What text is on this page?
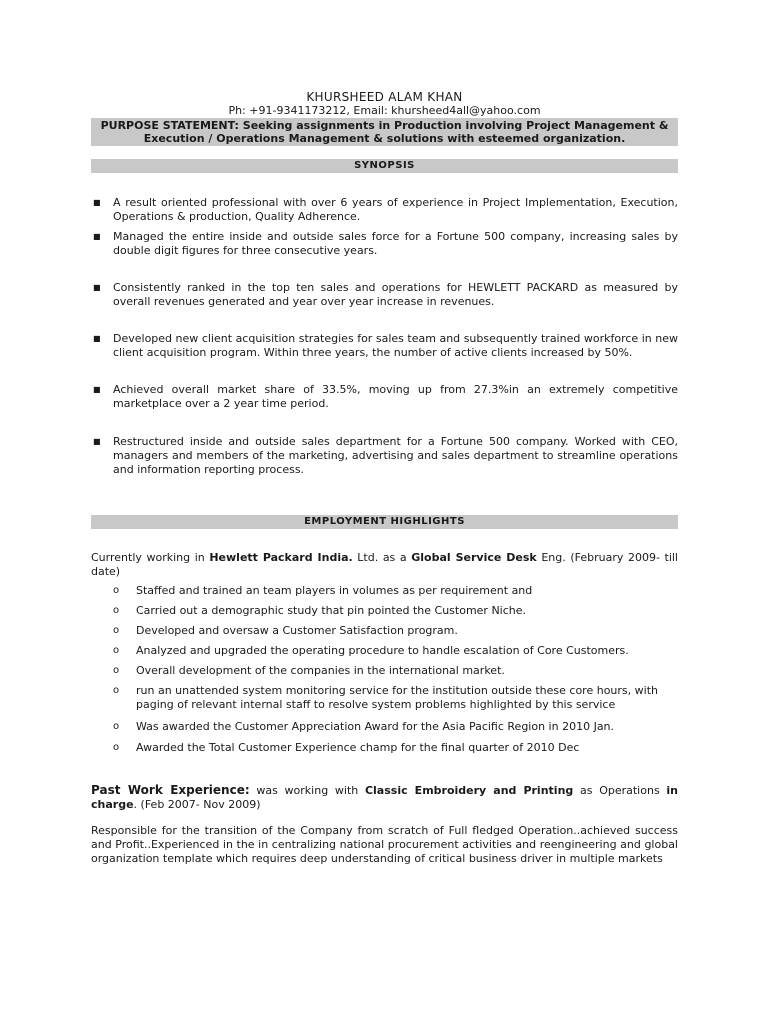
KHURSHEED ALAM KHAN
Ph: +91-9341173212, Email: khursheed4all@yahoo.com
PURPOSE STATEMENT: Seeking assignments in Production involving Project Management &
Execution / Operations Management & solutions with esteemed organization.
SYNOPSIS
■ A result oriented professional with over 6 years of experience in Project Implementation, Execution, Operations & production, Quality Adherence.
■ Managed the entire inside and outside sales force for a Fortune 500 company, increasing sales by double digit figures for three consecutive years.
■ Consistently ranked in the top ten sales and operations for HEWLETT PACKARD as measured by overall revenues generated and year over year increase in revenues.
■ Developed new client acquisition strategies for sales team and subsequently trained workforce in new client acquisition program. Within three years, the number of active clients increased by 50%.
■ Achieved overall market share of 33.5%, moving up from 27.3%in an extremely competitive marketplace over a 2 year time period.
■ Restructured inside and outside sales department for a Fortune 500 company. Worked with CEO, managers and members of the marketing, advertising and sales department to streamline operations and information reporting process.
EMPLOYMENT HIGHLIGHTS
Currently working in Hewlett Packard India. Ltd. as a Global Service Desk Eng. (February 2009- till date)
o Staffed and trained an team players in volumes as per requirement and
o Carried out a demographic study that pin pointed the Customer Niche.
o Developed and oversaw a Customer Satisfaction program.
o Analyzed and upgraded the operating procedure to handle escalation of Core Customers.
o Overall development of the companies in the international market.
o run an unattended system monitoring service for the institution outside these core hours, with paging of relevant internal staff to resolve system problems highlighted by this service
o Was awarded the Customer Appreciation Award for the Asia Pacific Region in 2010 Jan.
o Awarded the Total Customer Experience champ for the final quarter of 2010 Dec
Past Work Experience: was working with Classic Embroidery and Printing as Operations in charge. (Feb 2007- Nov 2009)
Responsible for the transition of the Company from scratch of Full fledged Operation..achieved success and Profit..Experienced in the in centralizing national procurement activities and reengineering and global organization template which requires deep understanding of critical business driver in multiple markets
